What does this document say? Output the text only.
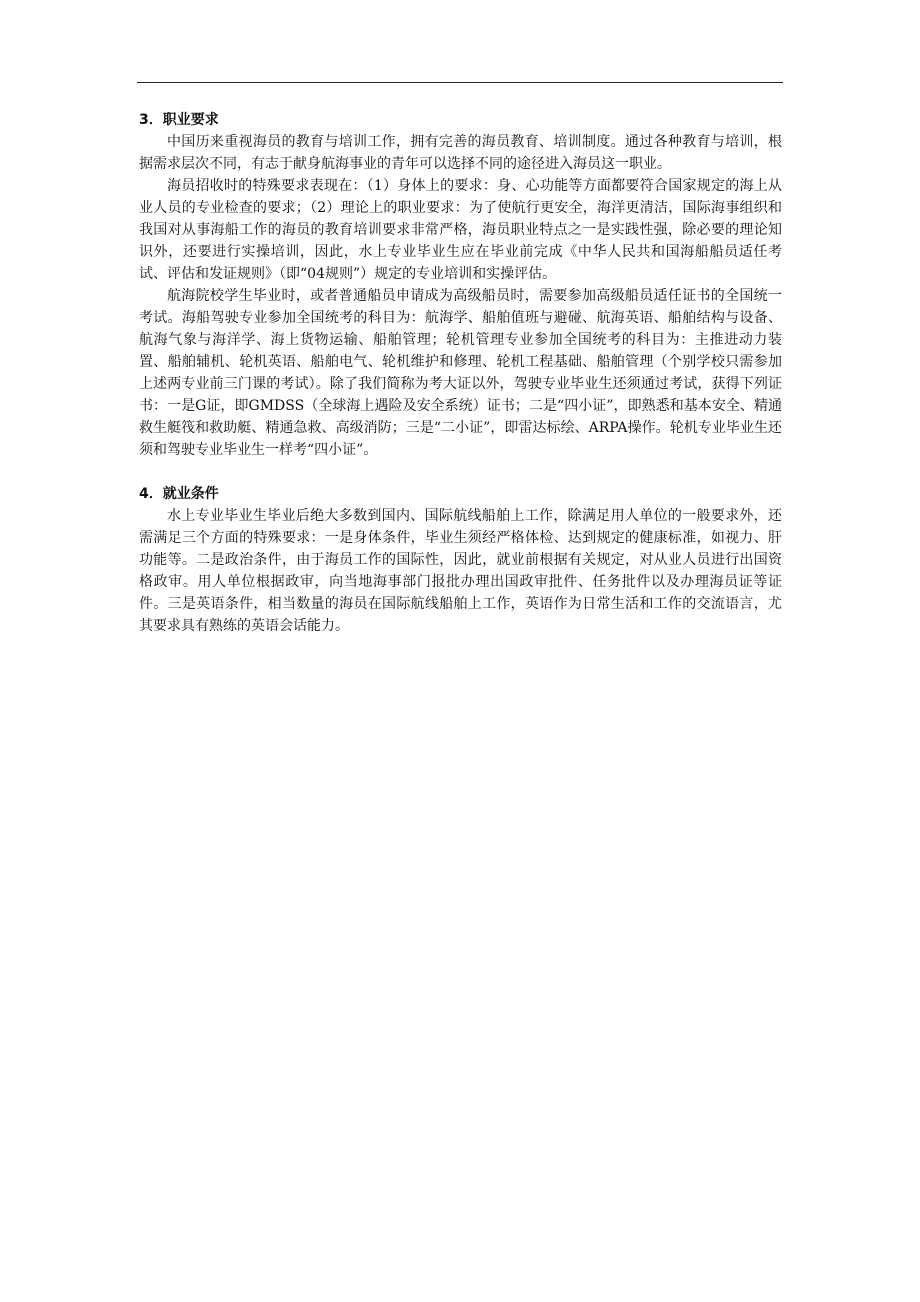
3．职业要求

中国历来重视海员的教育与培训工作，拥有完善的海员教育、培训制度。通过各种教育与培训，根据需求层次不同，有志于献身航海事业的青年可以选择不同的途径进入海员这一职业。

海员招收时的特殊要求表现在：（1）身体上的要求：身、心功能等方面都要符合国家规定的海上从业人员的专业检查的要求；（2）理论上的职业要求：为了使航行更安全，海洋更清洁，国际海事组织和我国对从事海船工作的海员的教育培训要求非常严格，海员职业特点之一是实践性强，除必要的理论知识外，还要进行实操培训，因此，水上专业毕业生应在毕业前完成《中华人民共和国海船船员适任考试、评估和发证规则》（即“04规则”）规定的专业培训和实操评估。

航海院校学生毕业时，或者普通船员申请成为高级船员时，需要参加高级船员适任证书的全国统一考试。海船驾驶专业参加全国统考的科目为：航海学、船舶值班与避碰、航海英语、船舶结构与设备、航海气象与海洋学、海上货物运输、船舶管理；轮机管理专业参加全国统考的科目为：主推进动力装置、船舶辅机、轮机英语、船舶电气、轮机维护和修理、轮机工程基础、船舶管理（个别学校只需参加上述两专业前三门课的考试）。除了我们简称为考大证以外，驾驶专业毕业生还须通过考试，获得下列证书：一是G证，即GMDSS（全球海上遇险及安全系统）证书；二是“四小证”，即熟悉和基本安全、精通救生艇筏和救助艇、精通急救、高级消防；三是“二小证”，即雷达标绘、ARPA操作。轮机专业毕业生还须和驾驶专业毕业生一样考“四小证”。

4．就业条件

水上专业毕业生毕业后绝大多数到国内、国际航线船舶上工作，除满足用人单位的一般要求外，还需满足三个方面的特殊要求：一是身体条件，毕业生须经严格体检、达到规定的健康标准，如视力、肝功能等。二是政治条件，由于海员工作的国际性，因此，就业前根据有关规定，对从业人员进行出国资格政审。用人单位根据政审，向当地海事部门报批办理出国政审批件、任务批件以及办理海员证等证件。三是英语条件，相当数量的海员在国际航线船舶上工作，英语作为日常生活和工作的交流语言，尤其要求具有熟练的英语会话能力。
